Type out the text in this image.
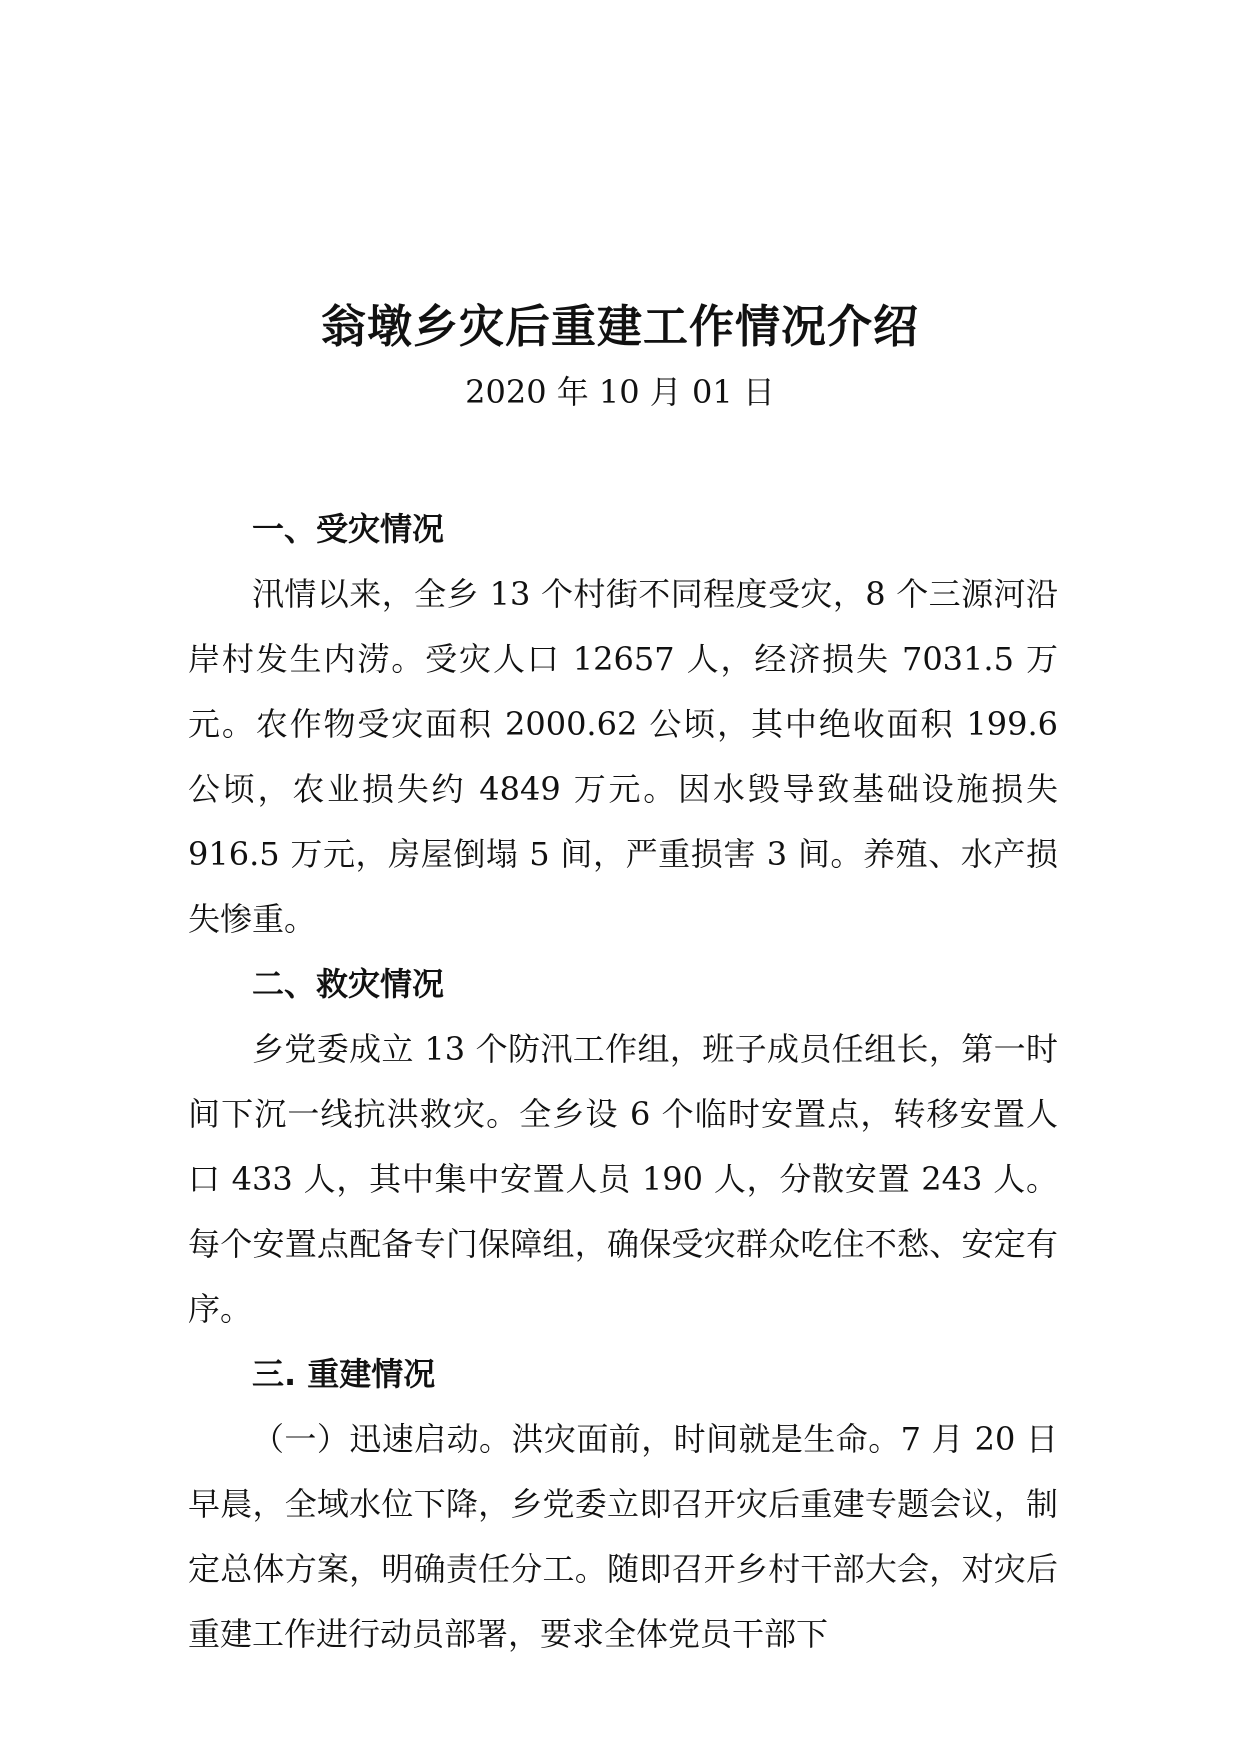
翁墩乡灾后重建工作情况介绍
2020 年 10 月 01 日
一、受灾情况

汛情以来，全乡 13 个村街不同程度受灾，8 个三源河沿岸村发生内涝。受灾人口 12657 人，经济损失 7031.5 万元。农作物受灾面积 2000.62 公顷，其中绝收面积 199.6 公顷，农业损失约 4849 万元。因水毁导致基础设施损失 916.5 万元，房屋倒塌 5 间，严重损害 3 间。养殖、水产损失惨重。

二、救灾情况

乡党委成立 13 个防汛工作组，班子成员任组长，第一时间下沉一线抗洪救灾。全乡设 6 个临时安置点，转移安置人口 433 人，其中集中安置人员 190 人，分散安置 243 人。每个安置点配备专门保障组，确保受灾群众吃住不愁、安定有序。

三. 重建情况

（一）迅速启动。洪灾面前，时间就是生命。7 月 20 日早晨，全域水位下降，乡党委立即召开灾后重建专题会议，制定总体方案，明确责任分工。随即召开乡村干部大会，对灾后重建工作进行动员部署，要求全体党员干部下
